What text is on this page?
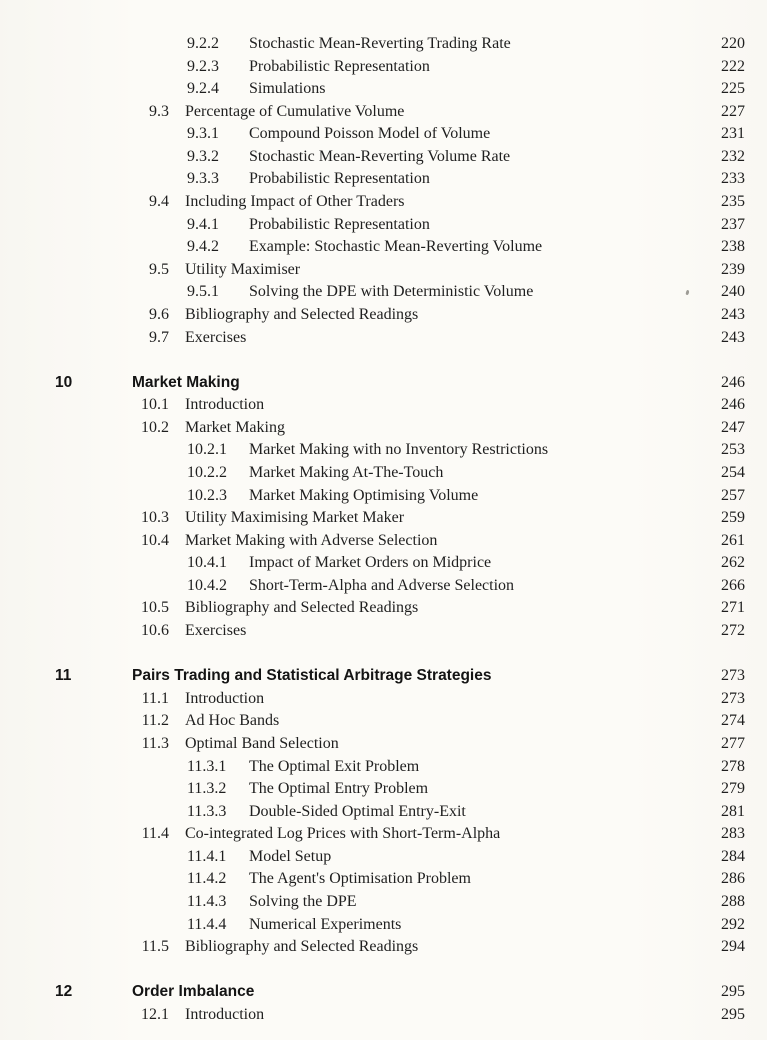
9.2.2	Stochastic Mean-Reverting Trading Rate	220
9.2.3	Probabilistic Representation	222
9.2.4	Simulations	225
9.3 Percentage of Cumulative Volume	227
9.3.1	Compound Poisson Model of Volume	231
9.3.2	Stochastic Mean-Reverting Volume Rate	232
9.3.3	Probabilistic Representation	233
9.4 Including Impact of Other Traders	235
9.4.1	Probabilistic Representation	237
9.4.2	Example: Stochastic Mean-Reverting Volume	238
9.5 Utility Maximiser	239
9.5.1	Solving the DPE with Deterministic Volume	240
9.6 Bibliography and Selected Readings	243
9.7 Exercises	243
10	Market Making	246
10.1 Introduction	246
10.2 Market Making	247
10.2.1	Market Making with no Inventory Restrictions	253
10.2.2	Market Making At-The-Touch	254
10.2.3	Market Making Optimising Volume	257
10.3 Utility Maximising Market Maker	259
10.4 Market Making with Adverse Selection	261
10.4.1	Impact of Market Orders on Midprice	262
10.4.2	Short-Term-Alpha and Adverse Selection	266
10.5 Bibliography and Selected Readings	271
10.6 Exercises	272
11	Pairs Trading and Statistical Arbitrage Strategies	273
11.1 Introduction	273
11.2 Ad Hoc Bands	274
11.3 Optimal Band Selection	277
11.3.1	The Optimal Exit Problem	278
11.3.2	The Optimal Entry Problem	279
11.3.3	Double-Sided Optimal Entry-Exit	281
11.4 Co-integrated Log Prices with Short-Term-Alpha	283
11.4.1	Model Setup	284
11.4.2	The Agent's Optimisation Problem	286
11.4.3	Solving the DPE	288
11.4.4	Numerical Experiments	292
11.5 Bibliography and Selected Readings	294
12	Order Imbalance	295
12.1 Introduction	295
